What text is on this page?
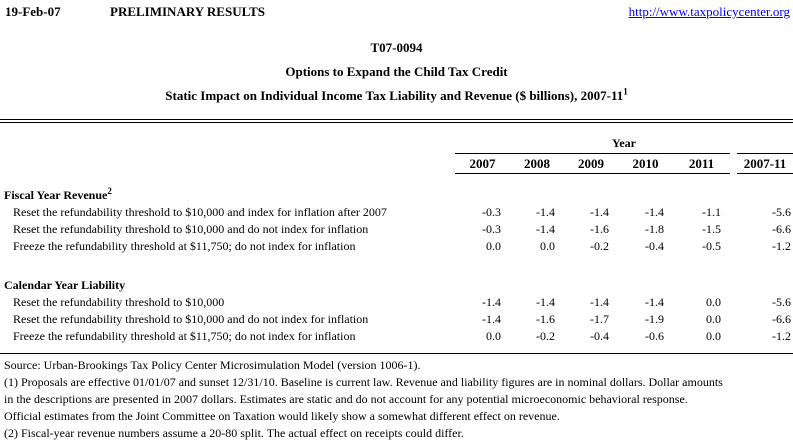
19-Feb-07	PRELIMINARY RESULTS	http://www.taxpolicycenter.org
T07-0094
Options to Expand the Child Tax Credit
Static Impact on Individual Income Tax Liability and Revenue ($ billions), $2007-11^1$
Year
2007	2008	2009	2010	2011	2007-11
Fiscal Year Revenue$^2$
Reset the refundability threshold to $10,000 and index for inflation after 2007	-0.3	-1.4	-1.4	-1.4	-1.1	-5.6
Reset the refundability threshold to $10,000 and do not index for inflation	-0.3	-1.4	-1.6	-1.8	-1.5	-6.6
Freeze the refundability threshold at $11,750; do not index for inflation	0.0	0.0	-0.2	-0.4	-0.5	-1.2
Calendar Year Liability
Reset the refundability threshold to $10,000	-1.4	-1.4	-1.4	-1.4	0.0	-5.6
Reset the refundability threshold to $10,000 and do not index for inflation	-1.4	-1.6	-1.7	-1.9	0.0	-6.6
Freeze the refundability threshold at $11,750; do not index for inflation	0.0	-0.2	-0.4	-0.6	0.0	-1.2
Source: Urban-Brookings Tax Policy Center Microsimulation Model (version 1006-1).
(1) Proposals are effective 01/01/07 and sunset 12/31/10. Baseline is current law. Revenue and liability figures are in nominal dollars. Dollar amounts
in the descriptions are presented in 2007 dollars. Estimates are static and do not account for any potential microeconomic behavioral response.
Official estimates from the Joint Committee on Taxation would likely show a somewhat different effect on revenue.
(2) Fiscal-year revenue numbers assume a 20-80 split. The actual effect on receipts could differ.
